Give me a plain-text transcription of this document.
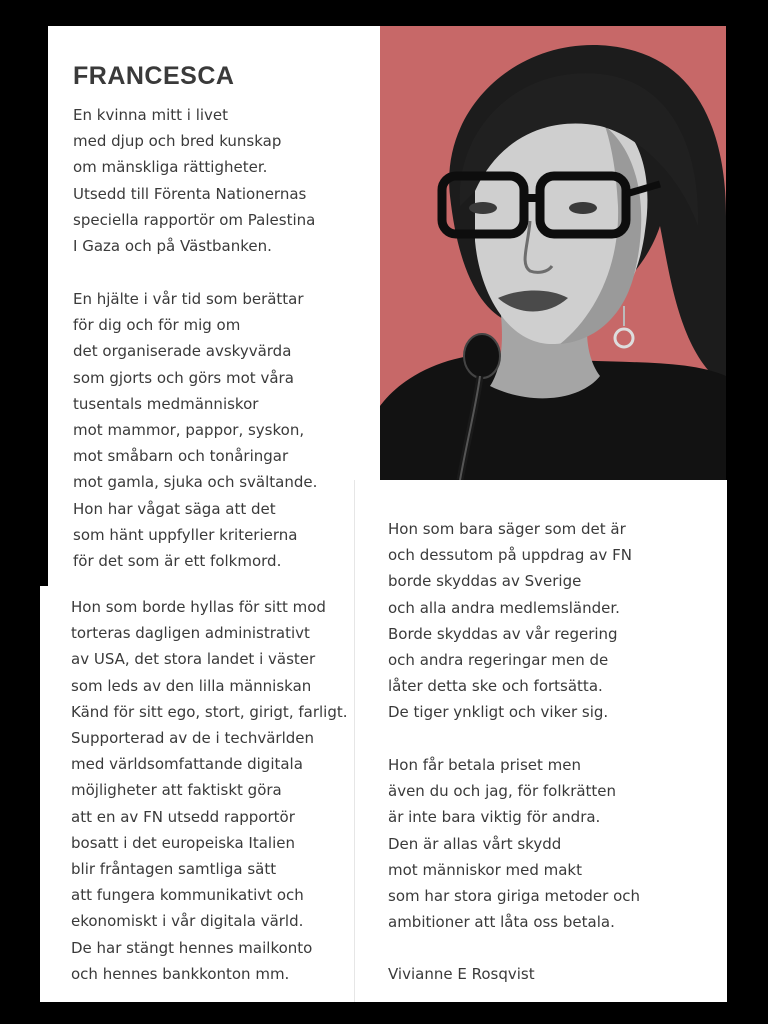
FRANCESCA
En kvinna mitt i livet
med djup och bred kunskap
om mänskliga rättigheter.
Utsedd till Förenta Nationernas
speciella rapportör om Palestina
I Gaza och på Västbanken.
En hjälte i vår tid som berättar
för dig och för mig om
det organiserade avskyvärda
som gjorts och görs mot våra
tusentals medmänniskor
mot mammor, pappor, syskon,
mot småbarn och tonåringar
mot gamla, sjuka och svältande.
Hon har vågat säga att det
som hänt uppfyller kriterierna
för det som är ett folkmord.
Hon som borde hyllas för sitt mod
torteras dagligen administrativt
av USA, det stora landet i väster
som leds av den lilla människan
Känd för sitt ego, stort, girigt, farligt.
Supporterad av de i techvärlden
med världsomfattande digitala
möjligheter att faktiskt göra
att en av FN utsedd rapportör
bosatt i det europeiska Italien
blir fråntagen samtliga sätt
att fungera kommunikativt och
ekonomiskt i vår digitala värld.
De har stängt hennes mailkonto
och hennes bankkonton mm.
Hon som bara säger som det är
och dessutom på uppdrag av FN
borde skyddas av Sverige
och alla andra medlemsländer.
Borde skyddas av vår regering
och andra regeringar men de
låter detta ske och fortsätta.
De tiger ynkligt och viker sig.
Hon får betala priset men
även du och jag, för folkrätten
är inte bara viktig för andra.
Den är allas vårt skydd
mot människor med makt
som har stora giriga metoder och
ambitioner att låta oss betala.

Vivianne E Rosqvist
